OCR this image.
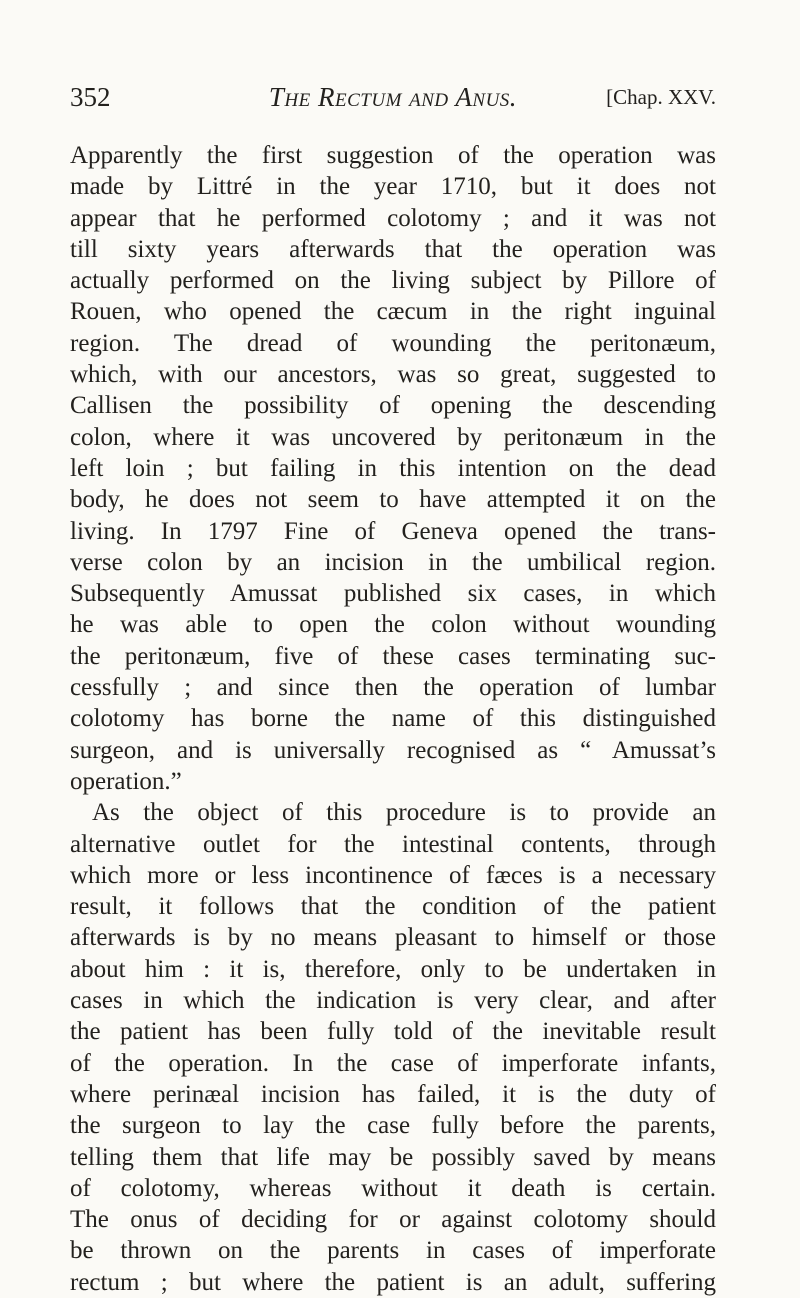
352	The Rectum and Anus.	[Chap. XXV.
Apparently the first suggestion of the operation was
made by Littré in the year 1710, but it does not
appear that he performed colotomy ; and it was not
till sixty years afterwards that the operation was
actually performed on the living subject by Pillore of
Rouen, who opened the cæcum in the right inguinal
region. The dread of wounding the peritonæum,
which, with our ancestors, was so great, suggested to
Callisen the possibility of opening the descending
colon, where it was uncovered by peritonæum in the
left loin ; but failing in this intention on the dead
body, he does not seem to have attempted it on the
living. In 1797 Fine of Geneva opened the trans-
verse colon by an incision in the umbilical region.
Subsequently Amussat published six cases, in which
he was able to open the colon without wounding
the peritonæum, five of these cases terminating suc-
cessfully ; and since then the operation of lumbar
colotomy has borne the name of this distinguished
surgeon, and is universally recognised as “ Amussat’s
operation.”
As the object of this procedure is to provide an
alternative outlet for the intestinal contents, through
which more or less incontinence of fæces is a necessary
result, it follows that the condition of the patient
afterwards is by no means pleasant to himself or those
about him : it is, therefore, only to be undertaken in
cases in which the indication is very clear, and after
the patient has been fully told of the inevitable result
of the operation. In the case of imperforate infants,
where perinæal incision has failed, it is the duty of
the surgeon to lay the case fully before the parents,
telling them that life may be possibly saved by means
of colotomy, whereas without it death is certain.
The onus of deciding for or against colotomy should
be thrown on the parents in cases of imperforate
rectum ; but where the patient is an adult, suffering
